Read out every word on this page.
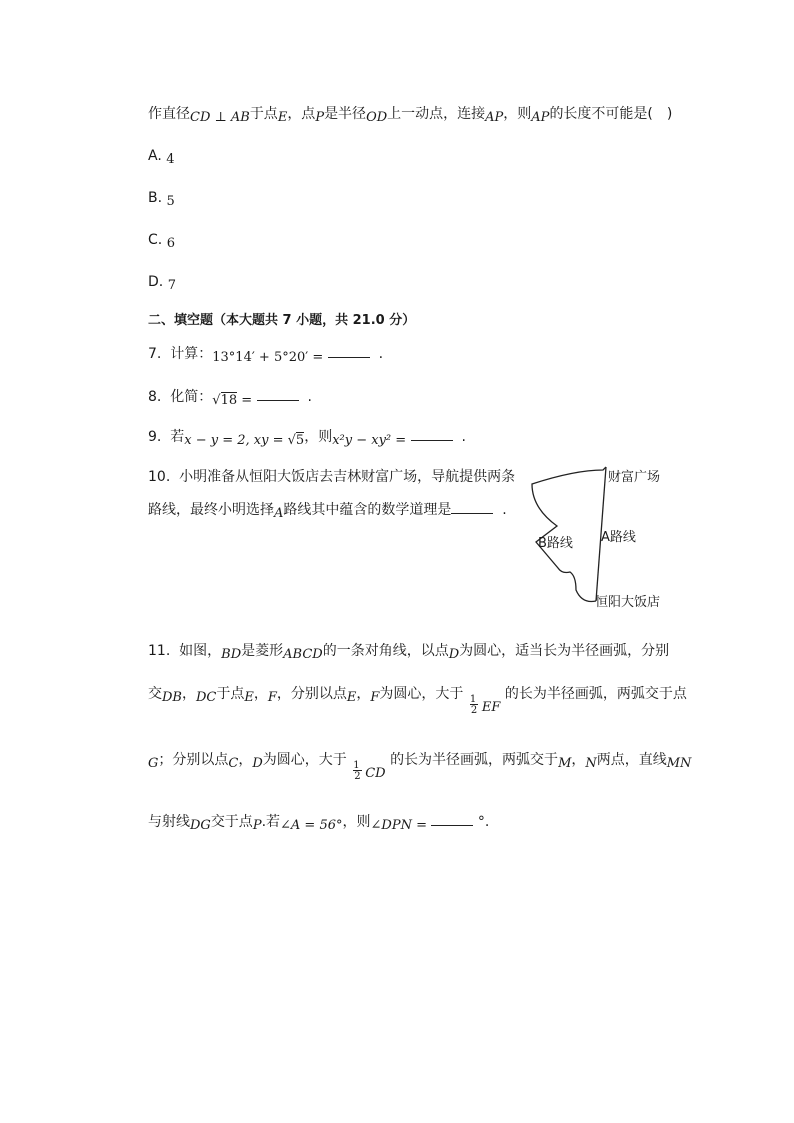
作直径CD ⊥ AB于点E，点P是半径OD上一动点，连接AP，则AP的长度不可能是(　)
A. 4
B. 5
C. 6
D. 7
二、填空题（本大题共 7 小题，共 21.0 分）
7. 计算：13°14′ + 5°20′ =	.
8. 化简：√18 =	.
9. 若x − y = 2, xy = √5，则x²y − xy² =	.
10. 小明准备从恒阳大饭店去吉林财富广场，导航提供两条
路线，最终小明选择A路线其中蕴含的数学道理是	.
财富广场
A路线
B路线
恒阳大饭店
11. 如图，BD是菱形ABCD的一条对角线，以点D为圆心，适当长为半径画弧，分别
交DB，DC于点E，F，分别以点E，F为圆心，大于 1
2 EF 的长为半径画弧，两弧交于点
G；分别以点C，D为圆心，大于 1
2 CD 的长为半径画弧，两弧交于M，N两点，直线MN
与射线DG交于点P.若∠A = 56°，则∠DPN =	°.
